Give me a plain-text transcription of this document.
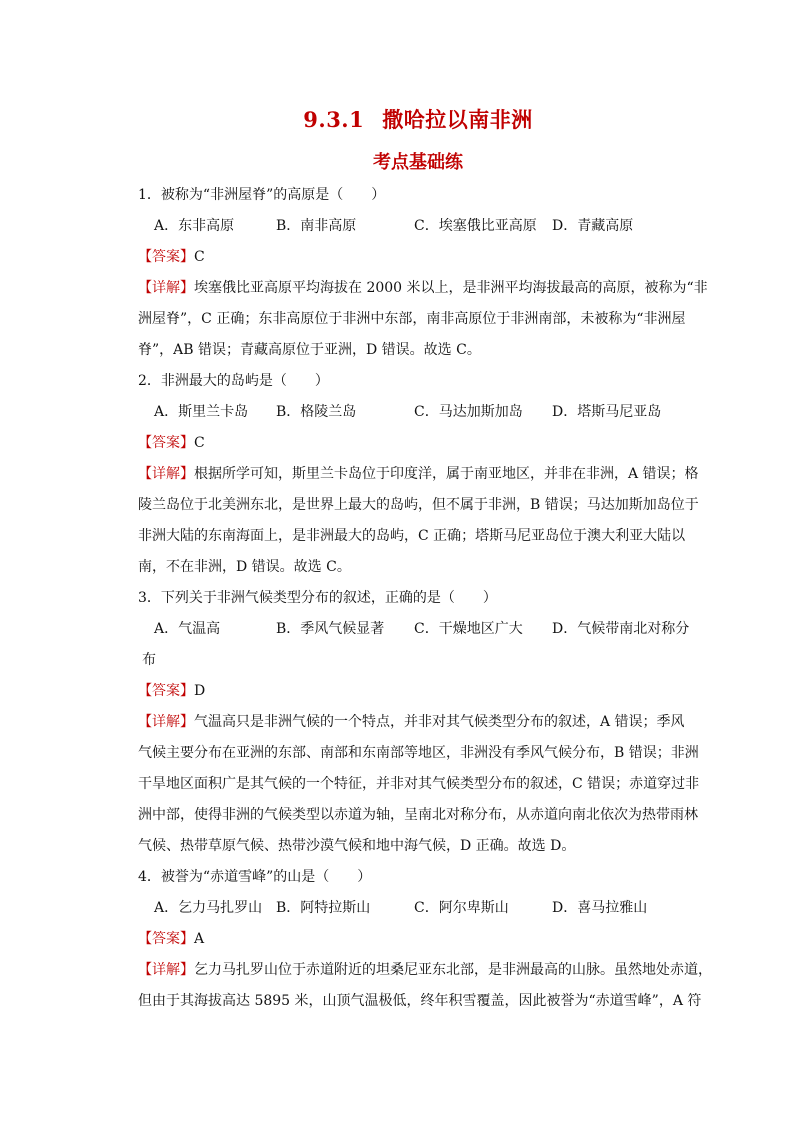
9.3.1 撒哈拉以南非洲
考点基础练
1．被称为“非洲屋脊”的高原是（　　）
A．东非高原	B．南非高原	C．埃塞俄比亚高原	D．青藏高原
【答案】C
【详解】埃塞俄比亚高原平均海拔在 2000 米以上，是非洲平均海拔最高的高原，被称为“非
洲屋脊”，C 正确；东非高原位于非洲中东部，南非高原位于非洲南部，未被称为“非洲屋
脊”，AB 错误；青藏高原位于亚洲，D 错误。故选 C。
2．非洲最大的岛屿是（　　）
A．斯里兰卡岛	B．格陵兰岛	C．马达加斯加岛	D．塔斯马尼亚岛
【答案】C
【详解】根据所学可知，斯里兰卡岛位于印度洋，属于南亚地区，并非在非洲，A 错误；格
陵兰岛位于北美洲东北，是世界上最大的岛屿，但不属于非洲，B 错误；马达加斯加岛位于
非洲大陆的东南海面上，是非洲最大的岛屿，C 正确；塔斯马尼亚岛位于澳大利亚大陆以
南，不在非洲，D 错误。故选 C。
3．下列关于非洲气候类型分布的叙述，正确的是（　　）
A．气温高	B．季风气候显著	C．干燥地区广大	D．气候带南北对称分
布
【答案】D
【详解】气温高只是非洲气候的一个特点，并非对其气候类型分布的叙述，A 错误；季风
气候主要分布在亚洲的东部、南部和东南部等地区，非洲没有季风气候分布，B 错误；非洲
干旱地区面积广是其气候的一个特征，并非对其气候类型分布的叙述，C 错误；赤道穿过非
洲中部，使得非洲的气候类型以赤道为轴，呈南北对称分布，从赤道向南北依次为热带雨林
气候、热带草原气候、热带沙漠气候和地中海气候，D 正确。故选 D。
4．被誉为“赤道雪峰”的山是（　　）
A．乞力马扎罗山 B．阿特拉斯山	C．阿尔卑斯山	D．喜马拉雅山
【答案】A
【详解】乞力马扎罗山位于赤道附近的坦桑尼亚东北部，是非洲最高的山脉。虽然地处赤道，
但由于其海拔高达 5895 米，山顶气温极低，终年积雪覆盖，因此被誉为“赤道雪峰”，A 符
